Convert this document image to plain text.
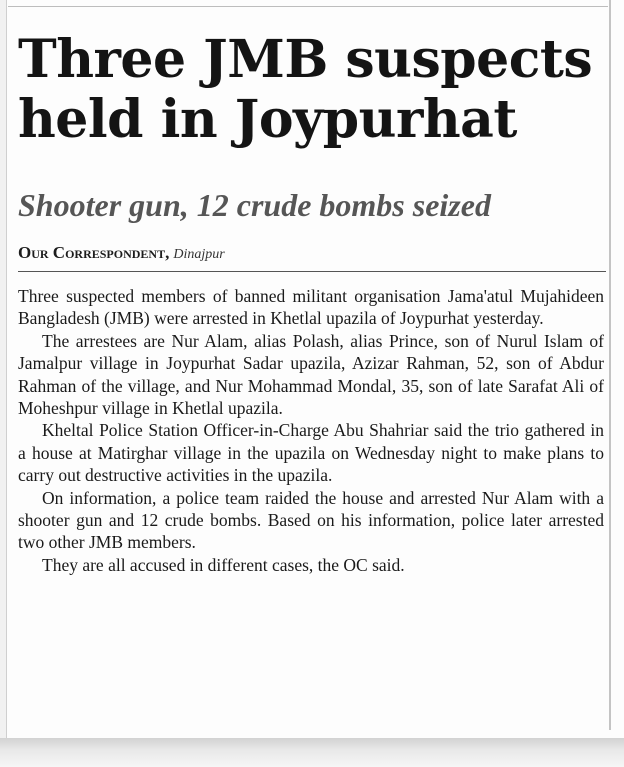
Three JMB suspects held in Joypurhat
Shooter gun, 12 crude bombs seized
Our Correspondent, Dinajpur

Three suspected members of banned militant organisation Jama'atul Mujahideen Bangladesh (JMB) were arrested in Khetlal upazila of Joypurhat yesterday.

The arrestees are Nur Alam, alias Polash, alias Prince, son of Nurul Islam of Jamalpur village in Joypurhat Sadar upazila, Azizar Rahman, 52, son of Abdur Rahman of the village, and Nur Mohammad Mondal, 35, son of late Sarafat Ali of Moheshpur village in Khetlal upazila.

Kheltal Police Station Officer-in-Charge Abu Shahriar said the trio gathered in a house at Matirghar village in the upazila on Wednesday night to make plans to carry out destructive activities in the upazila.

On information, a police team raided the house and arrested Nur Alam with a shooter gun and 12 crude bombs. Based on his information, police later arrested two other JMB members.

They are all accused in different cases, the OC said.
